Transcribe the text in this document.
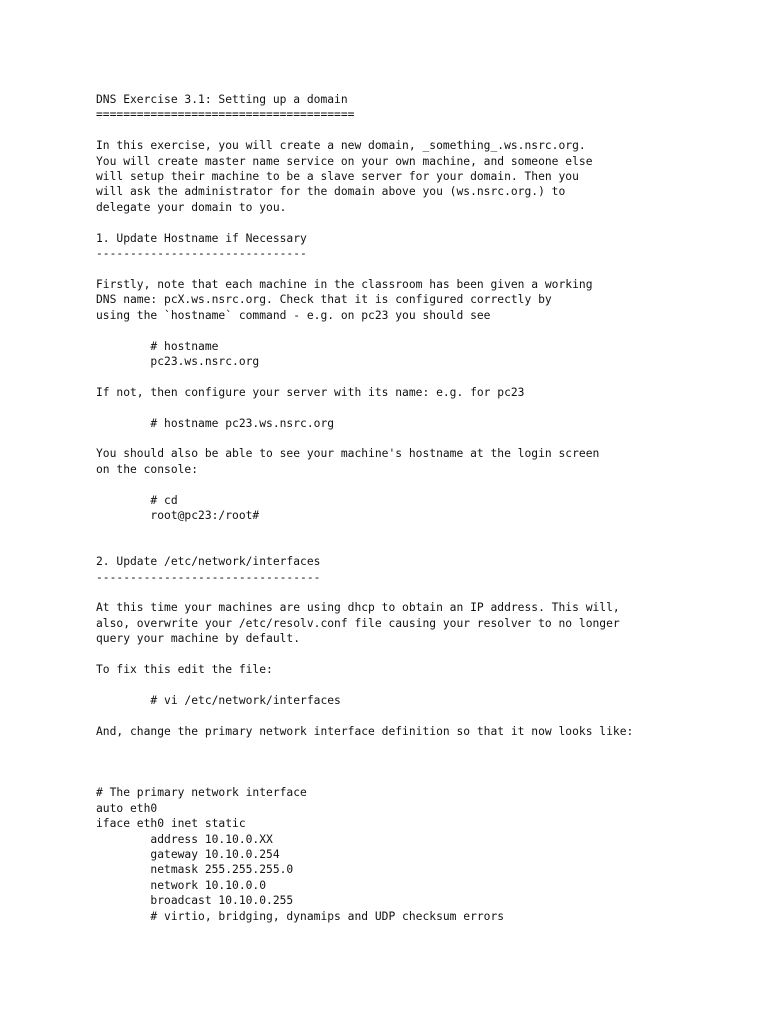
DNS Exercise 3.1: Setting up a domain
======================================

In this exercise, you will create a new domain, _something_.ws.nsrc.org.
You will create master name service on your own machine, and someone else
will setup their machine to be a slave server for your domain. Then you
will ask the administrator for the domain above you (ws.nsrc.org.) to
delegate your domain to you.

1. Update Hostname if Necessary
-------------------------------

Firstly, note that each machine in the classroom has been given a working
DNS name: pcX.ws.nsrc.org. Check that it is configured correctly by
using the `hostname` command - e.g. on pc23 you should see

# hostname
pc23.ws.nsrc.org

If not, then configure your server with its name: e.g. for pc23

# hostname pc23.ws.nsrc.org

You should also be able to see your machine's hostname at the login screen
on the console:

# cd
root@pc23:/root#

2. Update /etc/network/interfaces
---------------------------------

At this time your machines are using dhcp to obtain an IP address. This will,
also, overwrite your /etc/resolv.conf file causing your resolver to no longer
query your machine by default.

To fix this edit the file:

# vi /etc/network/interfaces

And, change the primary network interface definition so that it now looks like:

# The primary network interface
auto eth0
iface eth0 inet static
address 10.10.0.XX
gateway 10.10.0.254
netmask 255.255.255.0
network 10.10.0.0
broadcast 10.10.0.255
# virtio, bridging, dynamips and UDP checksum errors
